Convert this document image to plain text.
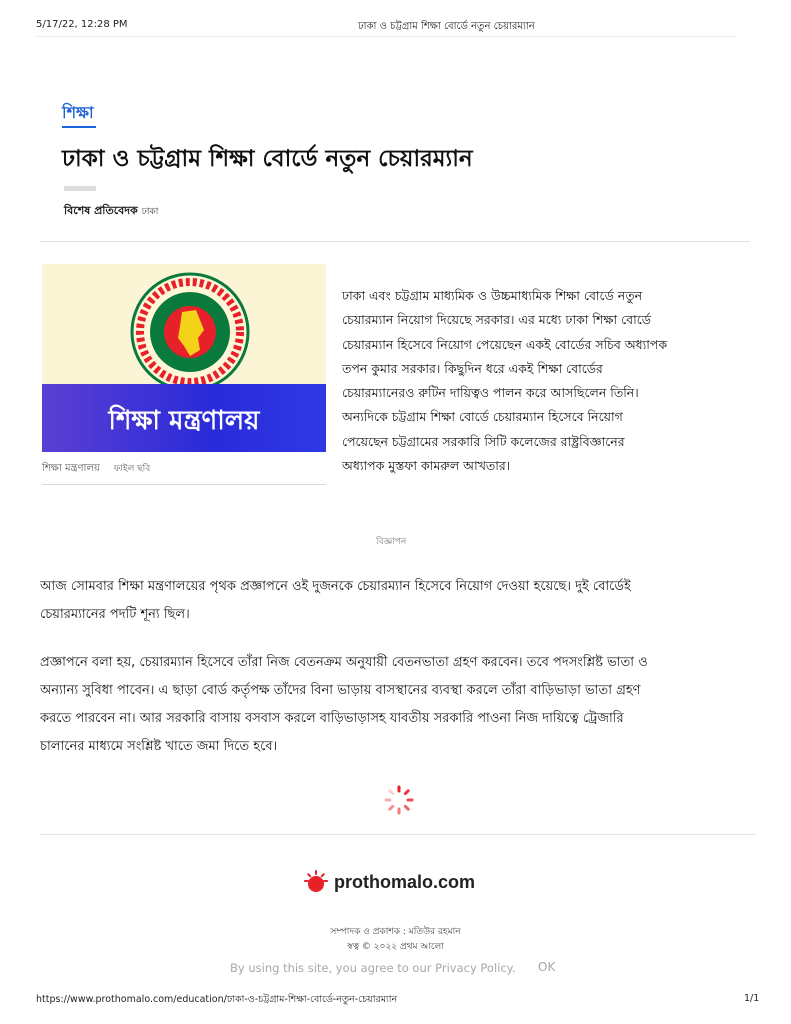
5/17/22, 12:28 PM	ঢাকা ও চট্টগ্রাম শিক্ষা বোর্ডে নতুন চেয়ারম্যান
শিক্ষা
ঢাকা ও চট্টগ্রাম শিক্ষা বোর্ডে নতুন চেয়ারম্যান
বিশেষ প্রতিবেদক ঢাকা
শিক্ষা মন্ত্রণালয়
শিক্ষা মন্ত্রণালয় ফাইল ছবি
ঢাকা এবং চট্টগ্রাম মাধ্যমিক ও উচ্চমাধ্যমিক শিক্ষা বোর্ডে নতুন
চেয়ারম্যান নিয়োগ দিয়েছে সরকার। এর মধ্যে ঢাকা শিক্ষা বোর্ডে
চেয়ারম্যান হিসেবে নিয়োগ পেয়েছেন একই বোর্ডের সচিব অধ্যাপক
তপন কুমার সরকার। কিছুদিন ধরে একই শিক্ষা বোর্ডের
চেয়ারম্যানেরও রুটিন দায়িত্বও পালন করে আসছিলেন তিনি।
অন্যদিকে চট্টগ্রাম শিক্ষা বোর্ডে চেয়ারম্যান হিসেবে নিয়োগ
পেয়েছেন চট্টগ্রামের সরকারি সিটি কলেজের রাষ্ট্রবিজ্ঞানের
অধ্যাপক মুস্তফা কামরুল আখতার।
বিজ্ঞাপন
আজ সোমবার শিক্ষা মন্ত্রণালয়ের পৃথক প্রজ্ঞাপনে ওই দুজনকে চেয়ারম্যান হিসেবে নিয়োগ দেওয়া হয়েছে। দুই বোর্ডেই
চেয়ারম্যানের পদটি শূন্য ছিল।
প্রজ্ঞাপনে বলা হয়, চেয়ারম্যান হিসেবে তাঁরা নিজ বেতনক্রম অনুযায়ী বেতনভাতা গ্রহণ করবেন। তবে পদসংশ্লিষ্ট ভাতা ও
অন্যান্য সুবিধা পাবেন। এ ছাড়া বোর্ড কর্তৃপক্ষ তাঁদের বিনা ভাড়ায় বাসস্থানের ব্যবস্থা করলে তাঁরা বাড়িভাড়া ভাতা গ্রহণ
করতে পারবেন না। আর সরকারি বাসায় বসবাস করলে বাড়িভাড়াসহ যাবতীয় সরকারি পাওনা নিজ দায়িত্বে ট্রেজারি
চালানের মাধ্যমে সংশ্লিষ্ট খাতে জমা দিতে হবে।
prothomalo.com
সম্পাদক ও প্রকাশক : মতিউর রহমান
স্বত্ব © ২০২২ প্রথম আলো
By using this site, you agree to our Privacy Policy. OK
https://www.prothomalo.com/education/ঢাকা-ও-চট্টগ্রাম-শিক্ষা-বোর্ডে-নতুন-চেয়ারম্যান	1/1
